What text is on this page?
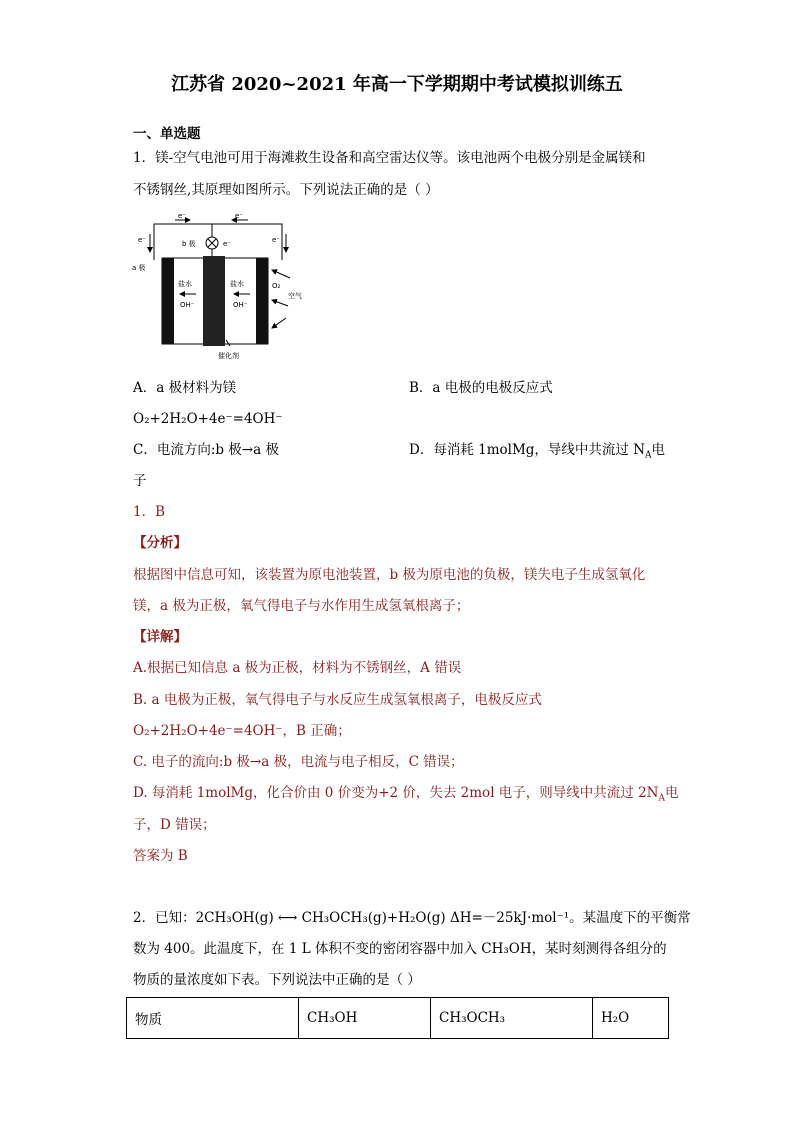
江苏省 2020~2021 年高一下学期期中考试模拟训练五
一、单选题
1．镁-空气电池可用于海滩救生设备和高空雷达仪等。该电池两个电极分别是金属镁和
不锈钢丝,其原理如图所示。下列说法正确的是（ ）
e⁻	e⁻
e⁻	e⁻
e⁻
b 极
a 极
盐水	盐水
OH⁻	OH⁻
O₂
空气
催化剂
A．a 极材料为镁	B．a 电极的电极反应式
O₂+2H₂O+4e⁻=4OH⁻
C．电流方向:b 极→a 极	D．每消耗 1molMg，导线中共流过 $N_A$电
子
1．B
【分析】
根据图中信息可知，该装置为原电池装置，b 极为原电池的负极，镁失电子生成氢氧化
镁，a 极为正极，氧气得电子与水作用生成氢氧根离子；
【详解】
A.根据已知信息 a 极为正极，材料为不锈钢丝，A 错误
B. a 电极为正极，氧气得电子与水反应生成氢氧根离子，电极反应式
O₂+2H₂O+4e⁻=4OH⁻，B 正确；
C. 电子的流向:b 极→a 极，电流与电子相反，C 错误；
D. 每消耗 1molMg，化合价由 0 价变为+2 价，失去 2mol 电子，则导线中共流过 $2N_A$电
子，D 错误；
答案为 B
2．已知：2CH₃OH(g) ⟷ CH₃OCH₃(g)+H₂O(g) ΔH=－25kJ·mol⁻¹。某温度下的平衡常
数为 400。此温度下，在 1 L 体积不变的密闭容器中加入 CH₃OH，某时刻测得各组分的
物质的量浓度如下表。下列说法中正确的是（ ）
物质	CH₃OH	CH₃OCH₃	H₂O
